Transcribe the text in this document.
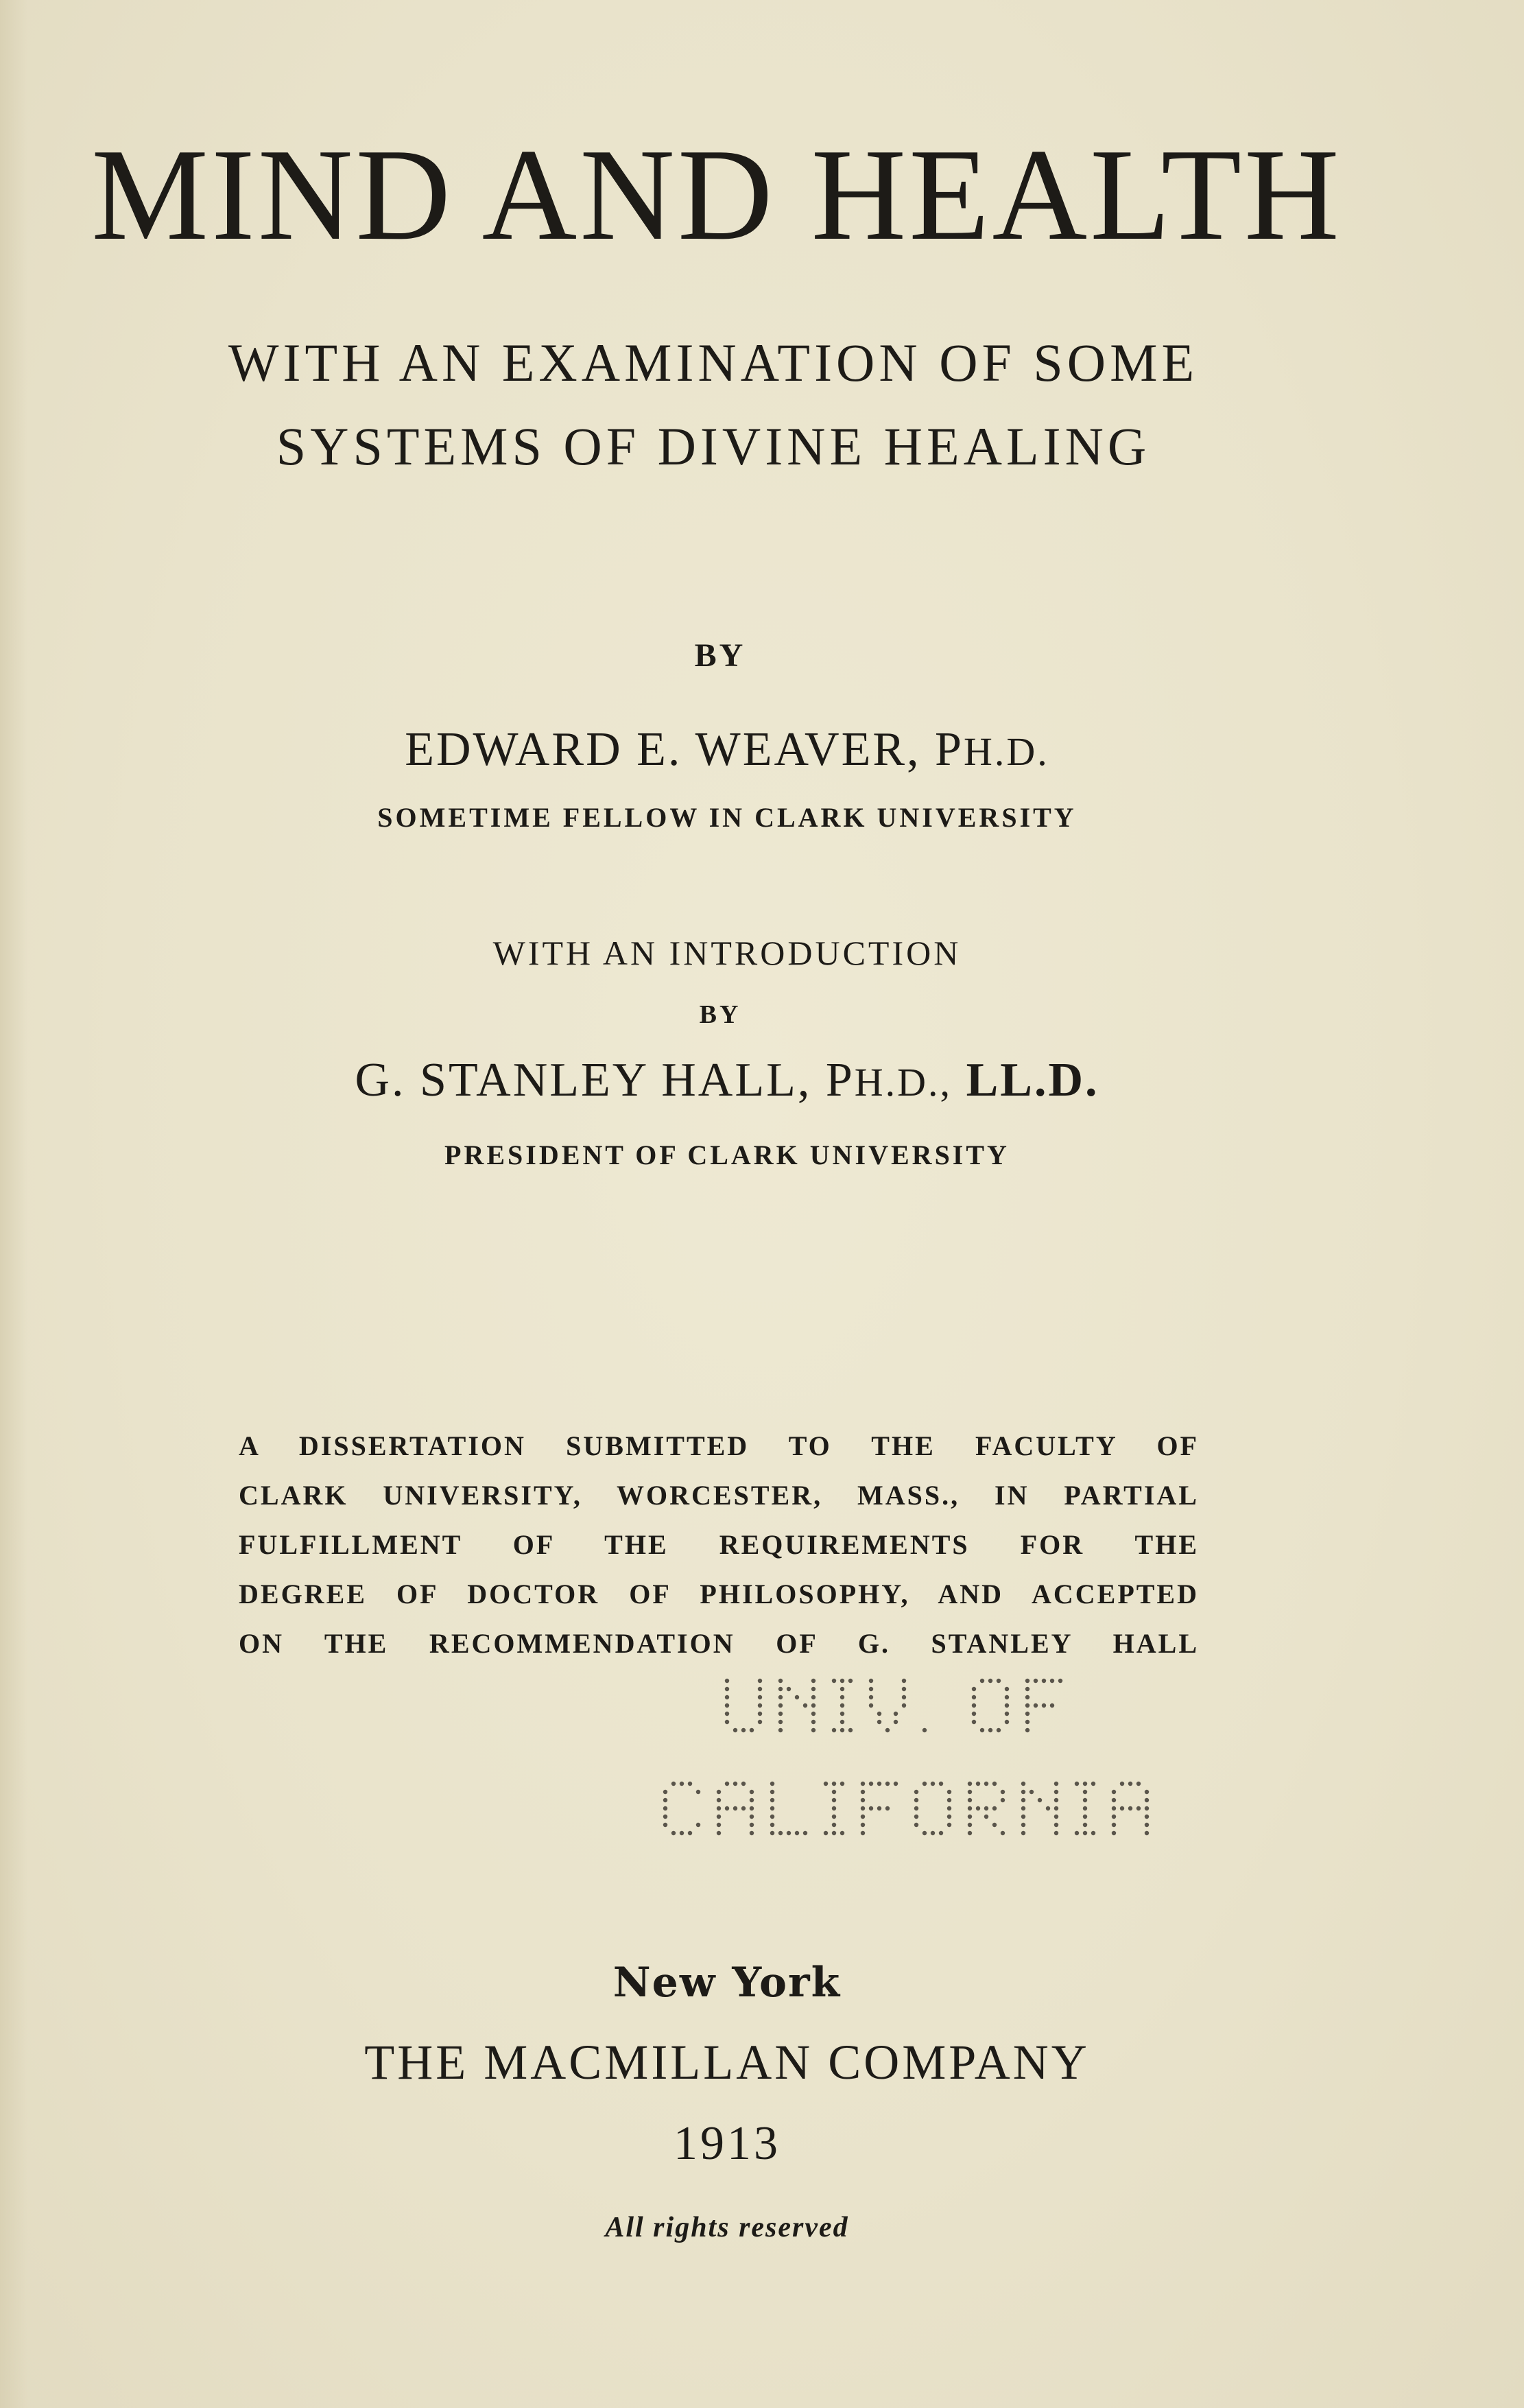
MIND AND HEALTH

WITH AN EXAMINATION OF SOME

SYSTEMS OF DIVINE HEALING

BY

EDWARD E. WEAVER, PH.D.

SOMETIME FELLOW IN CLARK UNIVERSITY

WITH AN INTRODUCTION

BY

G. STANLEY HALL, PH.D., LL.D.

PRESIDENT OF CLARK UNIVERSITY

A DISSERTATION SUBMITTED TO THE FACULTY OF
CLARK UNIVERSITY, WORCESTER, MASS., IN PARTIAL
FULFILLMENT OF THE REQUIREMENTS FOR THE
DEGREE OF DOCTOR OF PHILOSOPHY, AND ACCEPTED
ON THE RECOMMENDATION OF G. STANLEY HALL

New York

THE MACMILLAN COMPANY

1913

All rights reserved
